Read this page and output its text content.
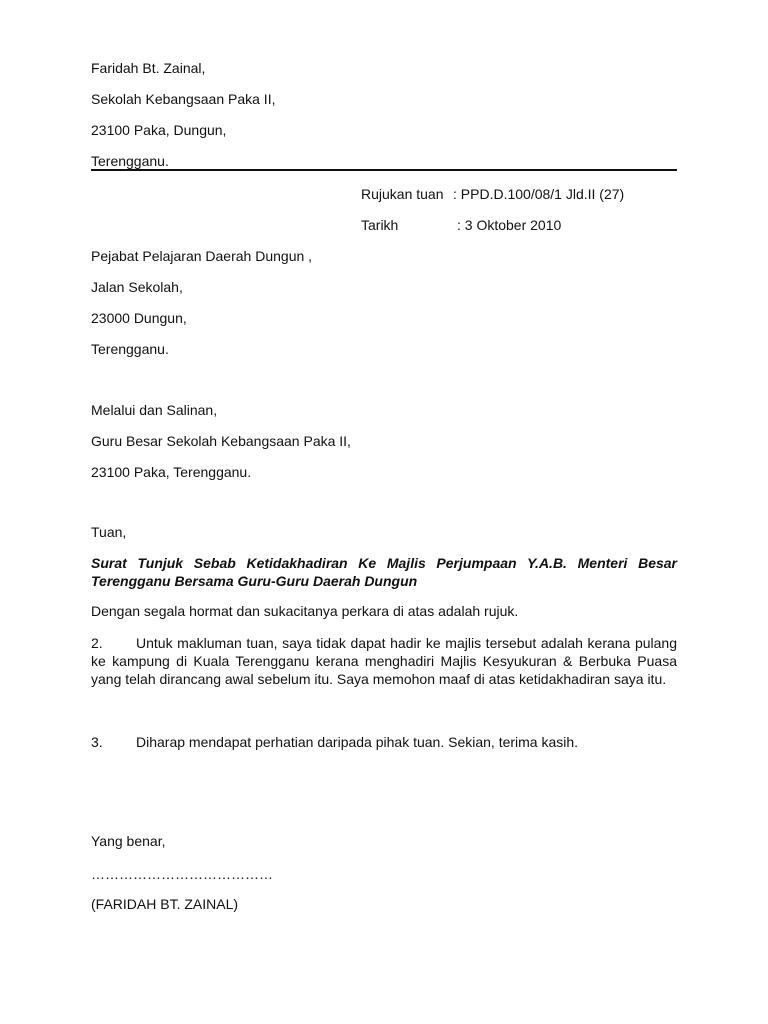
Faridah Bt. Zainal,
Sekolah Kebangsaan Paka II,
23100 Paka, Dungun,
Terengganu.
Rujukan tuan : PPD.D.100/08/1 Jld.II (27)
Tarikh	: 3 Oktober 2010
Pejabat Pelajaran Daerah Dungun ,
Jalan Sekolah,
23000 Dungun,
Terengganu.
Melalui dan Salinan,
Guru Besar Sekolah Kebangsaan Paka II,
23100 Paka, Terengganu.
Tuan,
Surat Tunjuk Sebab Ketidakhadiran Ke Majlis Perjumpaan Y.A.B. Menteri Besar Terengganu Bersama Guru-Guru Daerah Dungun
Dengan segala hormat dan sukacitanya perkara di atas adalah rujuk.
2. Untuk makluman tuan, saya tidak dapat hadir ke majlis tersebut adalah kerana pulang ke kampung di Kuala Terengganu kerana menghadiri Majlis Kesyukuran & Berbuka Puasa yang telah dirancang awal sebelum itu. Saya memohon maaf di atas ketidakhadiran saya itu.
3. Diharap mendapat perhatian daripada pihak tuan. Sekian, terima kasih.
Yang benar,
…………………………………
(FARIDAH BT. ZAINAL)
